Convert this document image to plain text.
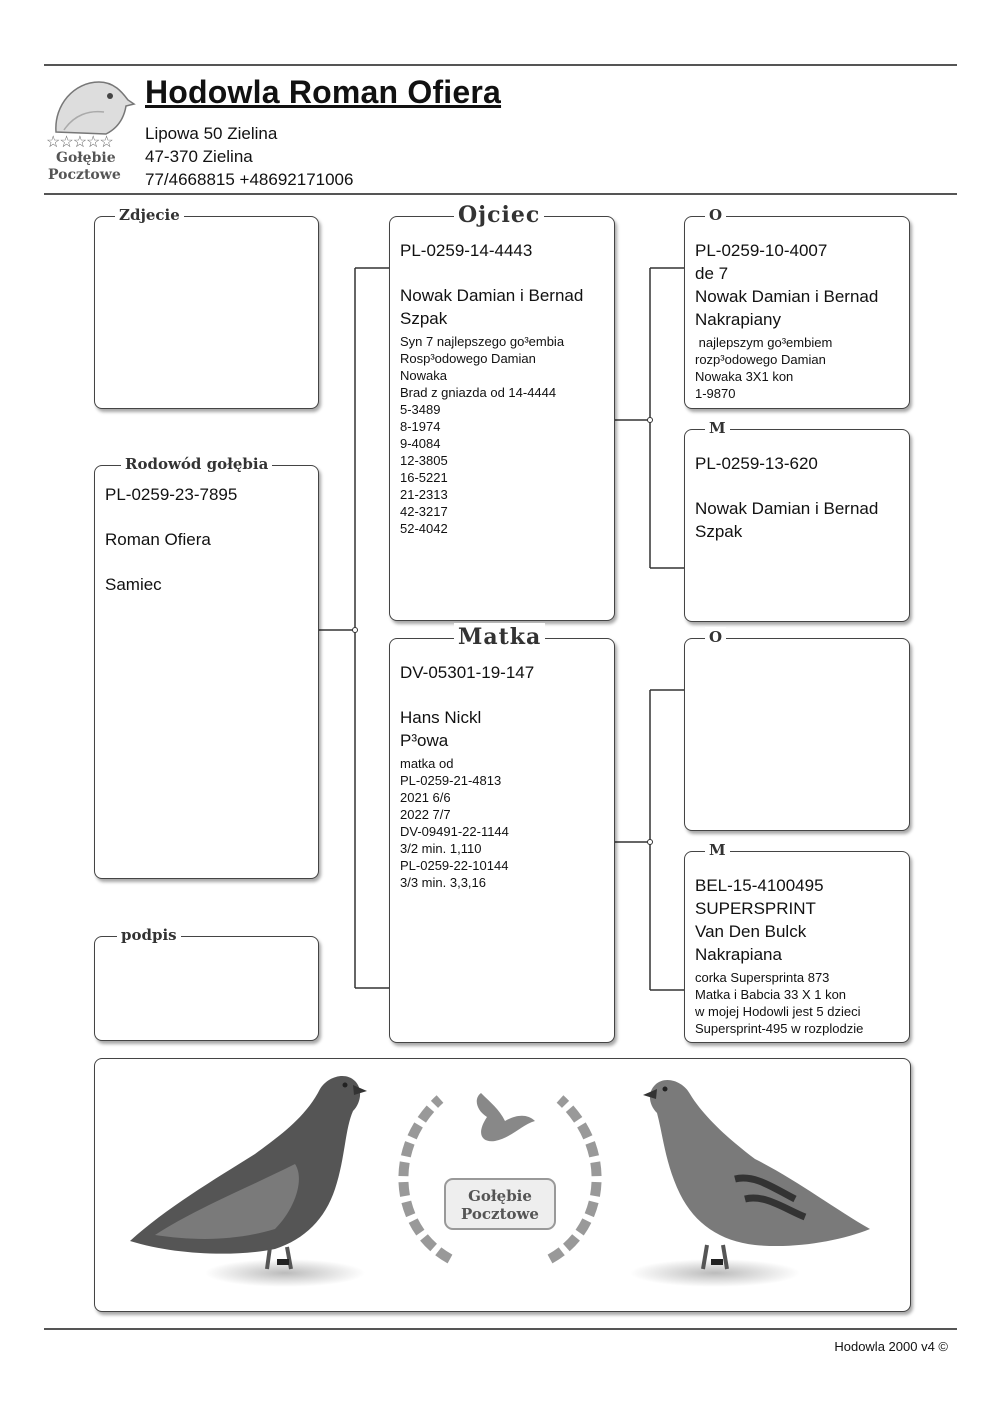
☆☆☆☆☆
Gołębie
Pocztowe
Hodowla Roman Ofiera
Lipowa 50 Zielina
47-370 Zielina
77/4668815 +48692171006
Zdjecie
Rodowód gołębia
PL-0259-23-7895
Roman Ofiera
Samiec
podpis
Ojciec
PL-0259-14-4443
Nowak Damian i Bernad
Szpak
Syn 7 najlepszego go³embia
Rosp³odowego Damian
Nowaka
Brad z gniazda od 14-4444
5-3489
8-1974
9-4084
12-3805
16-5221
21-2313
42-3217
52-4042
Matka
DV-05301-19-147
Hans Nickl
P³owa
matka od
PL-0259-21-4813
2021 6/6
2022 7/7
DV-09491-22-1144
3/2 min. 1,110
PL-0259-22-10144
3/3 min. 3,3,16
O
PL-0259-10-4007
de 7
Nowak Damian i Bernad
Nakrapiany
najlepszym go³embiem
rozp³odowego Damian
Nowaka 3X1 kon
1-9870
M
PL-0259-13-620
Nowak Damian i Bernad
Szpak
O
M
BEL-15-4100495
SUPERSPRINT
Van Den Bulck
Nakrapiana
corka Supersprinta 873
Matka i Babcia 33 X 1 kon
w mojej Hodowli jest 5 dzieci
Supersprint-495 w rozplodzie
Gołębie
Pocztowe
Hodowla 2000 v4 ©
